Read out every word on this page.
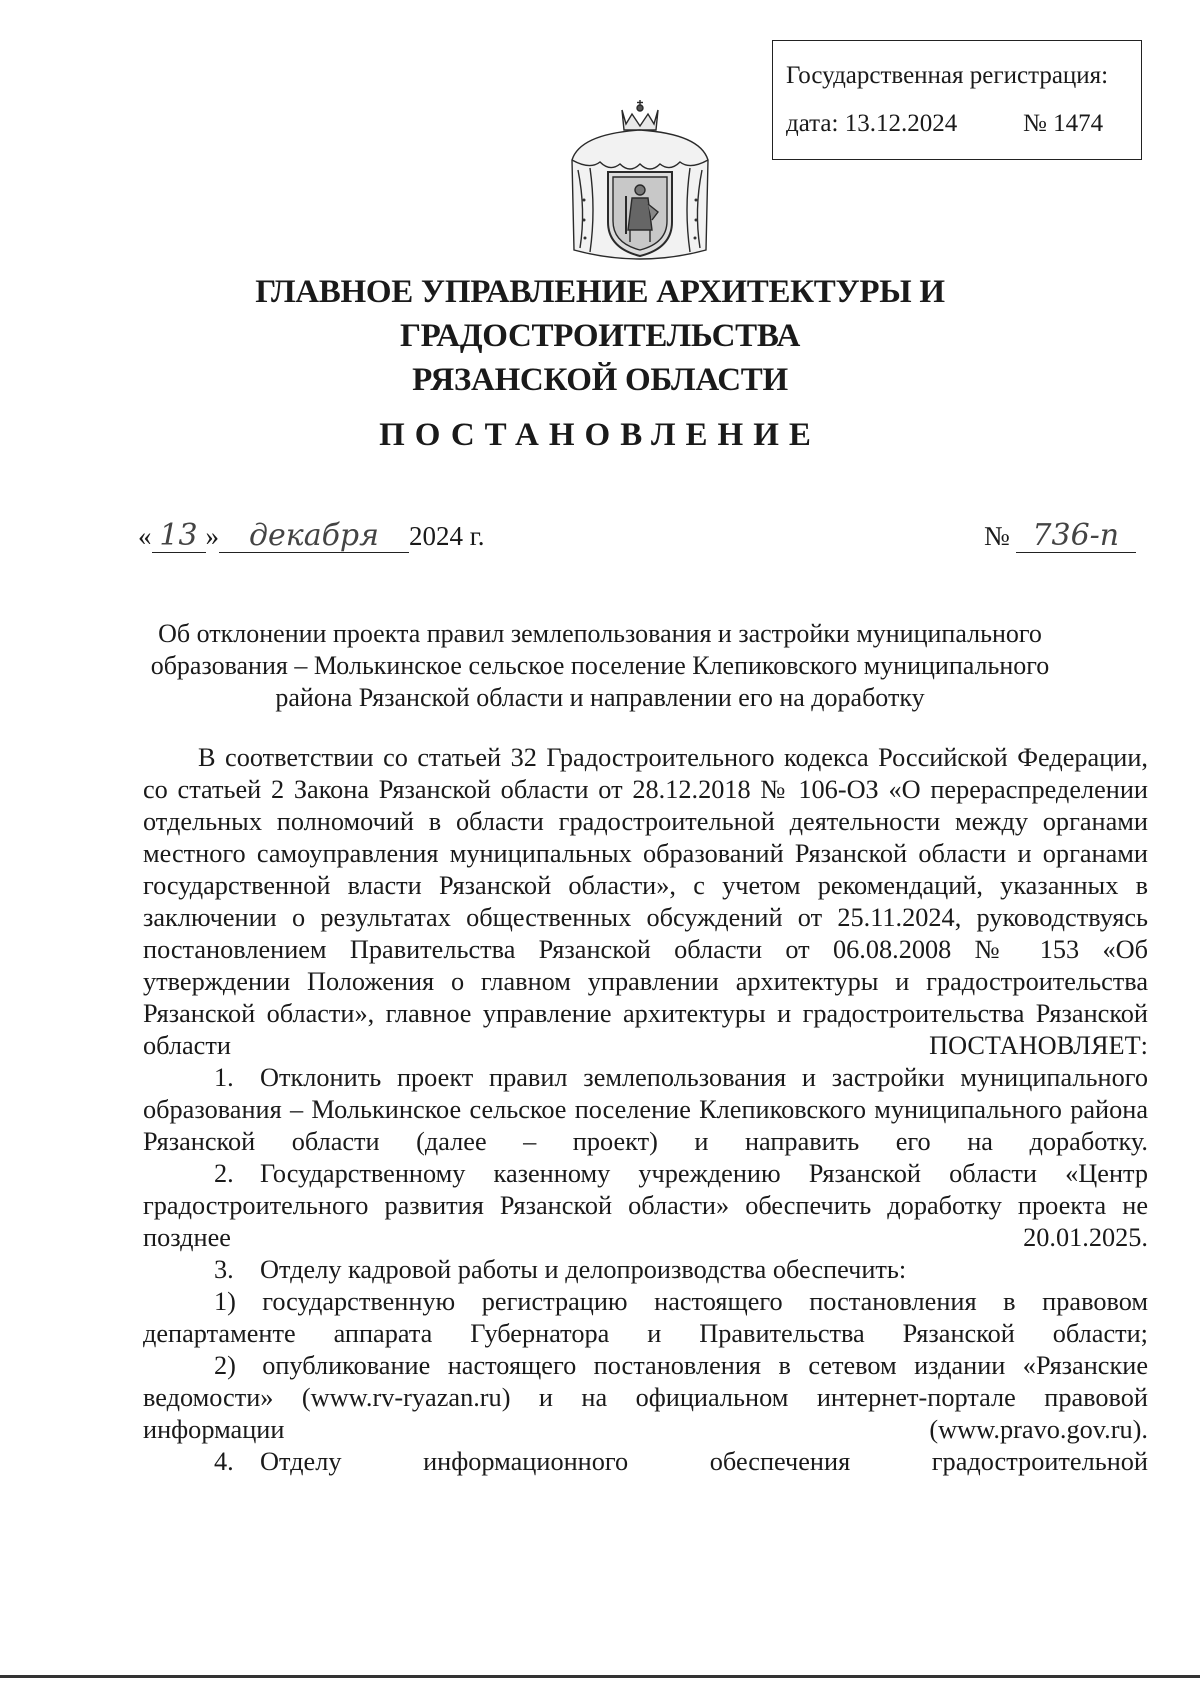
Государственная регистрация:
дата: 13.12.2024	№ 1474
ГЛАВНОЕ УПРАВЛЕНИЕ АРХИТЕКТУРЫ И ГРАДОСТРОИТЕЛЬСТВА
РЯЗАНСКОЙ ОБЛАСТИ
ПОСТАНОВЛЕНИЕ
« 13 » декабря 2024 г.	№ 736-п
Об отклонении проекта правил землепользования и застройки муниципального
образования – Молькинское сельское поселение Клепиковского муниципального
района Рязанской области и направлении его на доработку

В соответствии со статьей 32 Градостроительного кодекса Российской Федерации, со статьей 2 Закона Рязанской области от 28.12.2018 № 106-ОЗ «О перераспределении отдельных полномочий в области градостроительной деятельности между органами местного самоуправления муниципальных образований Рязанской области и органами государственной власти Рязанской области», с учетом рекомендаций, указанных в заключении о результатах общественных обсуждений от 25.11.2024, руководствуясь постановлением Правительства Рязанской области от 06.08.2008 № 153 «Об утверждении Положения о главном управлении архитектуры и градостроительства Рязанской области», главное управление архитектуры и градостроительства Рязанской области ПОСТАНОВЛЯЕТ:

1. Отклонить проект правил землепользования и застройки муниципального образования – Молькинское сельское поселение Клепиковского муниципального района Рязанской области (далее – проект) и направить его на доработку.

2. Государственному казенному учреждению Рязанской области «Центр градостроительного развития Рязанской области» обеспечить доработку проекта не позднее 20.01.2025.

3. Отделу кадровой работы и делопроизводства обеспечить:

1) государственную регистрацию настоящего постановления в правовом департаменте аппарата Губернатора и Правительства Рязанской области;

2) опубликование настоящего постановления в сетевом издании «Рязанские ведомости» (www.rv-ryazan.ru) и на официальном интернет-портале правовой информации (www.pravo.gov.ru).

4. Отделу информационного обеспечения градостроительной
